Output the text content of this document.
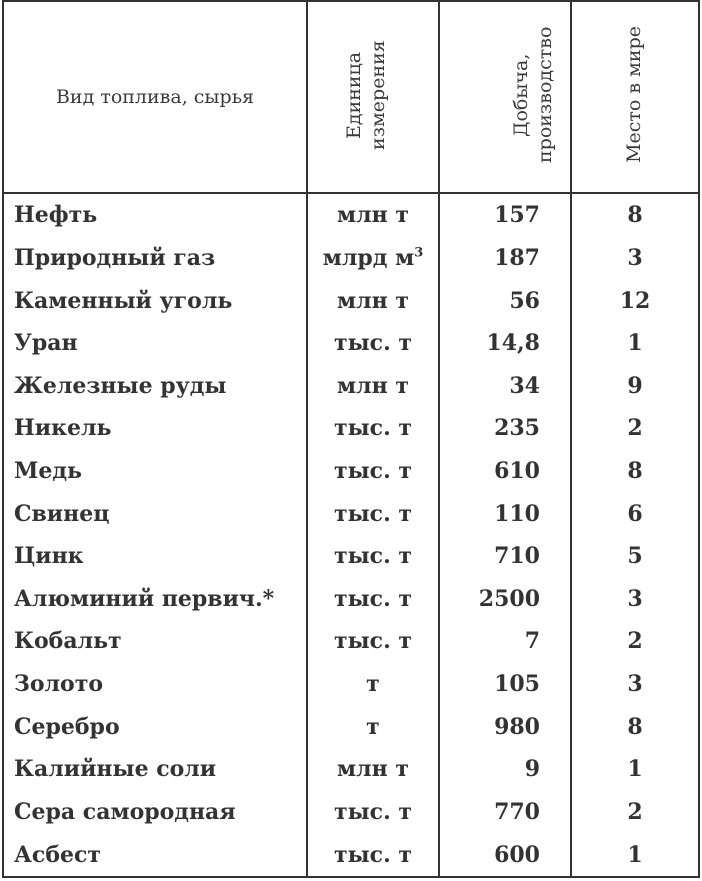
Вид топлива, сырья	Единица измерения	Добыча, производство	Место в мире
Нефть	млн т	157	8
Природный газ	млрд $м^3$	187	3
Каменный уголь	млн т	56	12
Уран	тыс. т	14,8	1
Железные руды	млн т	34	9
Никель	тыс. т	235	2
Медь	тыс. т	610	8
Свинец	тыс. т	110	6
Цинк	тыс. т	710	5
Алюминий первич.*	тыс. т	2500	3
Кобальт	тыс. т	7	2
Золото	т	105	3
Серебро	т	980	8
Калийные соли	млн т	9	1
Сера самородная	тыс. т	770	2
Асбест	тыс. т	600	1
